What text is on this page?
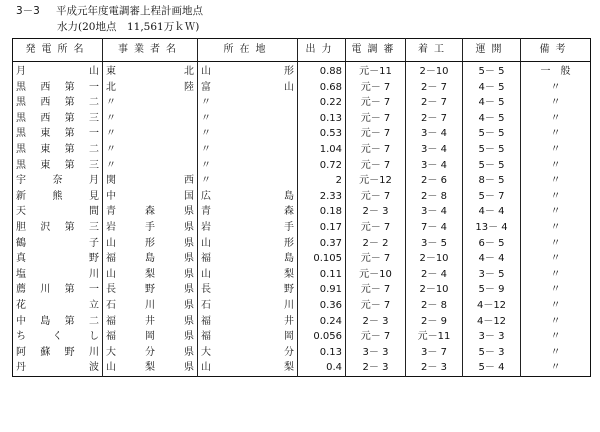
3－3 平成元年度電調審上程計画地点
水力(20地点　11,561万ｋＷ)
発電所名	事業者名	所在地	出力	電調審	着工	運開	備考
月　　　　　山	東　　　　北	山　　　　形	0.88	元－11	2－10	5－ 5	一　般
黒　西　第　一	北　　　　陸	富　　　　山	0.68	元－ 7	2－ 7	4－ 5	〃
黒　西　第　二	〃	〃	0.22	元－ 7	2－ 7	4－ 5	〃
黒　西　第　三	〃	〃	0.13	元－ 7	2－ 7	4－ 5	〃
黒　東　第　一	〃	〃	0.53	元－ 7	3－ 4	5－ 5	〃
黒　東　第　二	〃	〃	1.04	元－ 7	3－ 4	5－ 5	〃
黒　東　第　三	〃	〃	0.72	元－ 7	3－ 4	5－ 5	〃
宇　　奈　　月	関　　　　西	〃	2	元－12	2－ 6	8－ 5	〃
新　　熊　　見	中　　　　国	広　　　　島	2.33	元－ 7	2－ 8	5－ 7	〃
天　　　　　間	青　　森　　県	青　　　　森	0.18	2－ 3	3－ 4	4－ 4	〃
胆　沢　第　三	岩　　手　　県	岩　　　　手	0.17	元－ 7	7－ 4	13－ 4	〃
鶴　　　　　子	山　　形　　県	山　　　　形	0.37	2－ 2	3－ 5	6－ 5	〃
真　　　　　野	福　　島　　県	福　　　　島	0.105	元－ 7	2－10	4－ 4	〃
塩　　　　　川	山　　梨　　県	山　　　　梨	0.11	元－10	2－ 4	3－ 5	〃
薦　川　第　一	長　　野　　県	長　　　　野	0.91	元－ 7	2－10	5－ 9	〃
花　　　　　立	石　　川　　県	石　　　　川	0.36	元－ 7	2－ 8	4－12	〃
中　島　第　二	福　　井　　県	福　　　　井	0.24	2－ 3	2－ 9	4－12	〃
ち　　く　　し	福　　岡　　県	福　　　　岡	0.056	元－ 7	元－11	3－ 3	〃
阿　蘇　野　川	大　　分　　県	大　　　　分	0.13	3－ 3	3－ 7	5－ 3	〃
丹　　　　　波	山　　梨　　県	山　　　　梨	0.4	2－ 3	2－ 3	5－ 4	〃
